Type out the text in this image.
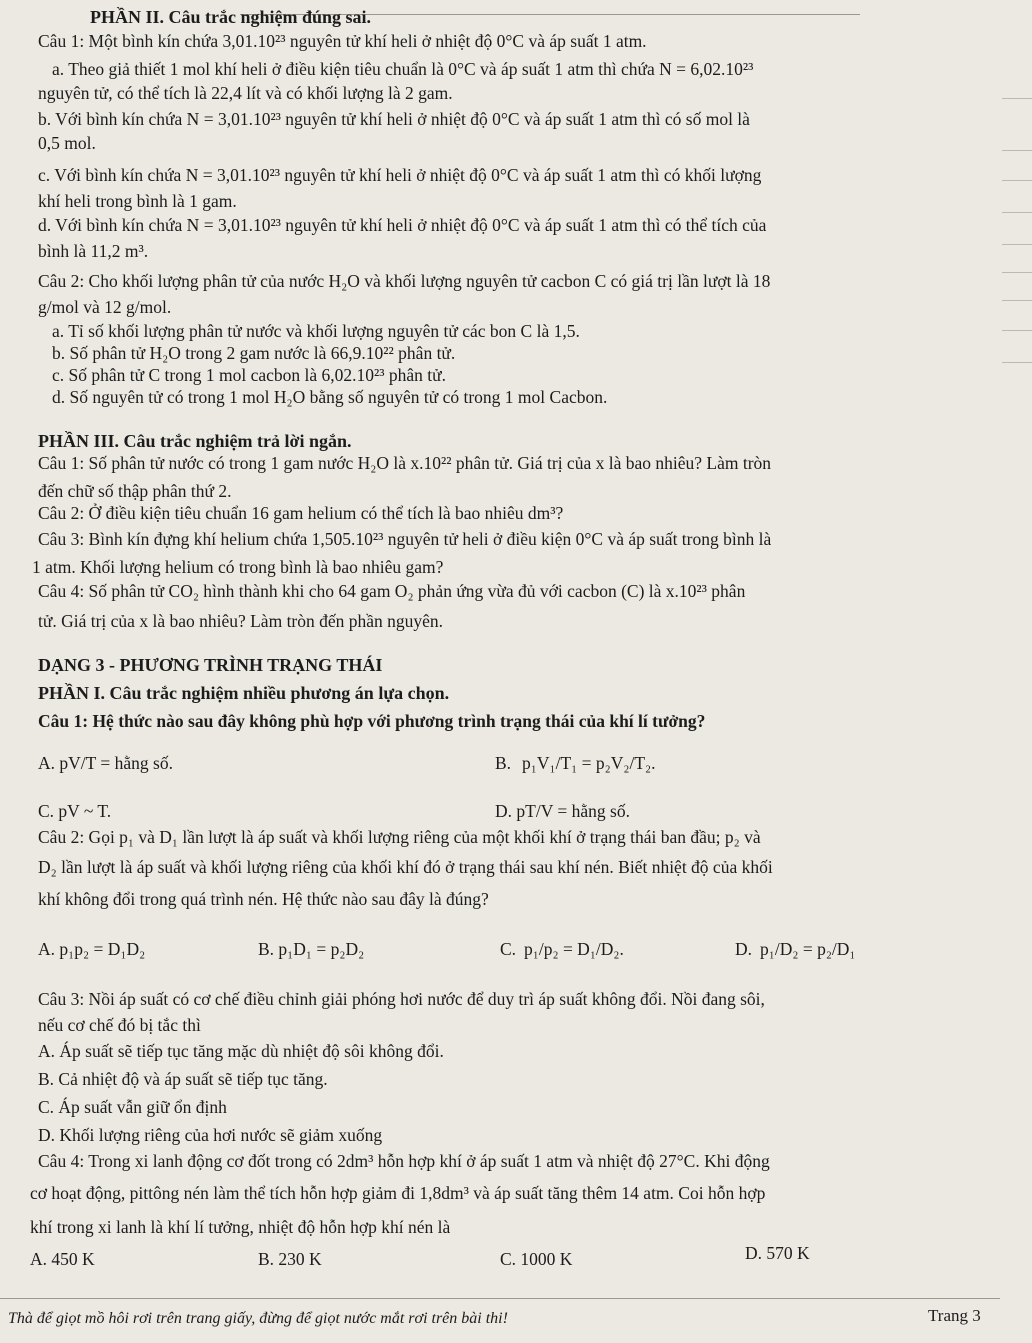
PHẦN II. Câu trắc nghiệm đúng sai.
Câu 1: Một bình kín chứa 3,01.10²³ nguyên tử khí heli ở nhiệt độ 0°C và áp suất 1 atm.
a. Theo giả thiết 1 mol khí heli ở điều kiện tiêu chuẩn là 0°C và áp suất 1 atm thì chứa N = 6,02.10²³
nguyên tử, có thể tích là 22,4 lít và có khối lượng là 2 gam.
b. Với bình kín chứa N = 3,01.10²³ nguyên tử khí heli ở nhiệt độ 0°C và áp suất 1 atm thì có số mol là
0,5 mol.
c. Với bình kín chứa N = 3,01.10²³ nguyên tử khí heli ở nhiệt độ 0°C và áp suất 1 atm thì có khối lượng
khí heli trong bình là 1 gam.
d. Với bình kín chứa N = 3,01.10²³ nguyên tử khí heli ở nhiệt độ 0°C và áp suất 1 atm thì có thể tích của
bình là 11,2 m³.
Câu 2: Cho khối lượng phân tử của nước H₂O và khối lượng nguyên tử cacbon C có giá trị lần lượt là 18
g/mol và 12 g/mol.
a. Tỉ số khối lượng phân tử nước và khối lượng nguyên tử các bon C là 1,5.
b. Số phân tử H₂O trong 2 gam nước là 66,9.10²² phân tử.
c. Số phân tử C trong 1 mol cacbon là 6,02.10²³ phân tử.
d. Số nguyên tử có trong 1 mol H₂O bằng số nguyên tử có trong 1 mol Cacbon.
PHẦN III. Câu trắc nghiệm trả lời ngắn.
Câu 1: Số phân tử nước có trong 1 gam nước H₂O là x.10²² phân tử. Giá trị của x là bao nhiêu? Làm tròn
đến chữ số thập phân thứ 2.
Câu 2: Ở điều kiện tiêu chuẩn 16 gam helium có thể tích là bao nhiêu dm³?
Câu 3: Bình kín đựng khí helium chứa 1,505.10²³ nguyên tử heli ở điều kiện 0°C và áp suất trong bình là
1 atm. Khối lượng helium có trong bình là bao nhiêu gam?
Câu 4: Số phân tử CO₂ hình thành khi cho 64 gam O₂ phản ứng vừa đủ với cacbon (C) là x.10²³ phân
tử. Giá trị của x là bao nhiêu? Làm tròn đến phần nguyên.
DẠNG 3 - PHƯƠNG TRÌNH TRẠNG THÁI
PHẦN I. Câu trắc nghiệm nhiều phương án lựa chọn.
Câu 1: Hệ thức nào sau đây không phù hợp với phương trình trạng thái của khí lí tưởng?
A. pV/T = hằng số.	B. p₁V₁/T₁ = p₂V₂/T₂.
C. pV ~ T.	D. pT/V = hằng số.
Câu 2: Gọi p₁ và D₁ lần lượt là áp suất và khối lượng riêng của một khối khí ở trạng thái ban đầu; p₂ và
D₂ lần lượt là áp suất và khối lượng riêng của khối khí đó ở trạng thái sau khí nén. Biết nhiệt độ của khối
khí không đổi trong quá trình nén. Hệ thức nào sau đây là đúng?
A. p₁p₂ = D₁D₂	B. p₁D₁ = p₂D₂	C. p₁/p₂ = D₁/D₂.	D. p₁/D₂ = p₂/D₁
Câu 3: Nồi áp suất có cơ chế điều chỉnh giải phóng hơi nước để duy trì áp suất không đổi. Nồi đang sôi,
nếu cơ chế đó bị tắc thì
A. Áp suất sẽ tiếp tục tăng mặc dù nhiệt độ sôi không đổi.
B. Cả nhiệt độ và áp suất sẽ tiếp tục tăng.
C. Áp suất vẫn giữ ổn định
D. Khối lượng riêng của hơi nước sẽ giảm xuống
Câu 4: Trong xi lanh động cơ đốt trong có 2dm³ hỗn hợp khí ở áp suất 1 atm và nhiệt độ 27°C. Khi động
cơ hoạt động, pittông nén làm thể tích hỗn hợp giảm đi 1,8dm³ và áp suất tăng thêm 14 atm. Coi hỗn hợp
khí trong xi lanh là khí lí tưởng, nhiệt độ hỗn hợp khí nén là
A. 450 K	B. 230 K	C. 1000 K	D. 570 K
Thà để giọt mồ hôi rơi trên trang giấy, đừng để giọt nước mắt rơi trên bài thi!	Trang 3
